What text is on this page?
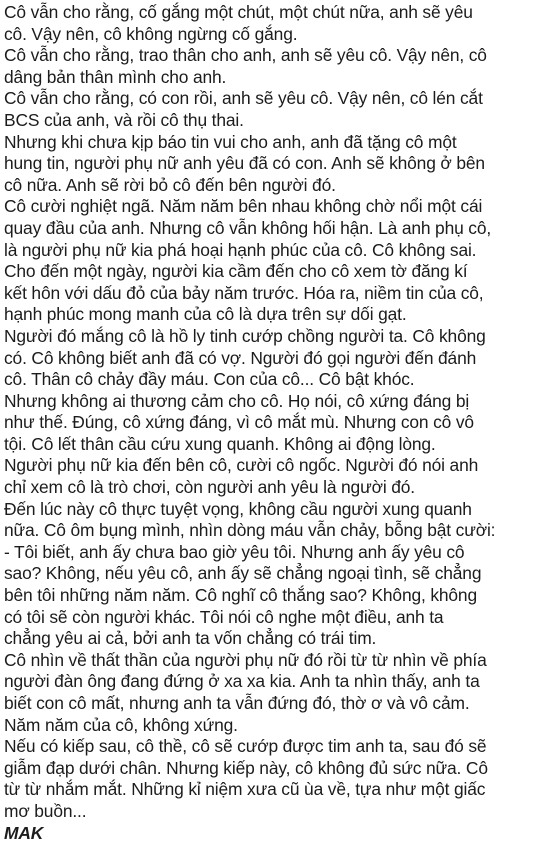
Cô vẫn cho rằng, cố gắng một chút, một chút nữa, anh sẽ yêu
cô. Vậy nên, cô không ngừng cố gắng.
Cô vẫn cho rằng, trao thân cho anh, anh sẽ yêu cô. Vậy nên, cô
dâng bản thân mình cho anh.
Cô vẫn cho rằng, có con rồi, anh sẽ yêu cô. Vậy nên, cô lén cắt
BCS của anh, và rồi cô thụ thai.
Nhưng khi chưa kịp báo tin vui cho anh, anh đã tặng cô một
hung tin, người phụ nữ anh yêu đã có con. Anh sẽ không ở bên
cô nữa. Anh sẽ rời bỏ cô đến bên người đó.
Cô cười nghiệt ngã. Năm năm bên nhau không chờ nổi một cái
quay đầu của anh. Nhưng cô vẫn không hối hận. Là anh phụ cô,
là người phụ nữ kia phá hoại hạnh phúc của cô. Cô không sai.
Cho đến một ngày, người kia cầm đến cho cô xem tờ đăng kí
kết hôn với dấu đỏ của bảy năm trước. Hóa ra, niềm tin của cô,
hạnh phúc mong manh của cô là dựa trên sự dối gạt.
Người đó mắng cô là hồ ly tinh cướp chồng người ta. Cô không
có. Cô không biết anh đã có vợ. Người đó gọi người đến đánh
cô. Thân cô chảy đầy máu. Con của cô... Cô bật khóc.
Nhưng không ai thương cảm cho cô. Họ nói, cô xứng đáng bị
như thế. Đúng, cô xứng đáng, vì cô mắt mù. Nhưng con cô vô
tội. Cô lết thân cầu cứu xung quanh. Không ai động lòng.
Người phụ nữ kia đến bên cô, cười cô ngốc. Người đó nói anh
chỉ xem cô là trò chơi, còn người anh yêu là người đó.
Đến lúc này cô thực tuyệt vọng, không cầu người xung quanh
nữa. Cô ôm bụng mình, nhìn dòng máu vẫn chảy, bỗng bật cười:
- Tôi biết, anh ấy chưa bao giờ yêu tôi. Nhưng anh ấy yêu cô
sao? Không, nếu yêu cô, anh ấy sẽ chẳng ngoại tình, sẽ chẳng
bên tôi những năm năm. Cô nghĩ cô thắng sao? Không, không
có tôi sẽ còn người khác. Tôi nói cô nghe một điều, anh ta
chẳng yêu ai cả, bởi anh ta vốn chẳng có trái tim.
Cô nhìn về thất thần của người phụ nữ đó rồi từ từ nhìn về phía
người đàn ông đang đứng ở xa xa kia. Anh ta nhìn thấy, anh ta
biết con cô mất, nhưng anh ta vẫn đứng đó, thờ ơ và vô cảm.
Năm năm của cô, không xứng.
Nếu có kiếp sau, cô thề, cô sẽ cướp được tim anh ta, sau đó sẽ
giẫm đạp dưới chân. Nhưng kiếp này, cô không đủ sức nữa. Cô
từ từ nhắm mắt. Những kỉ niệm xưa cũ ùa về, tựa như một giấc
mơ buồn...
MAK
